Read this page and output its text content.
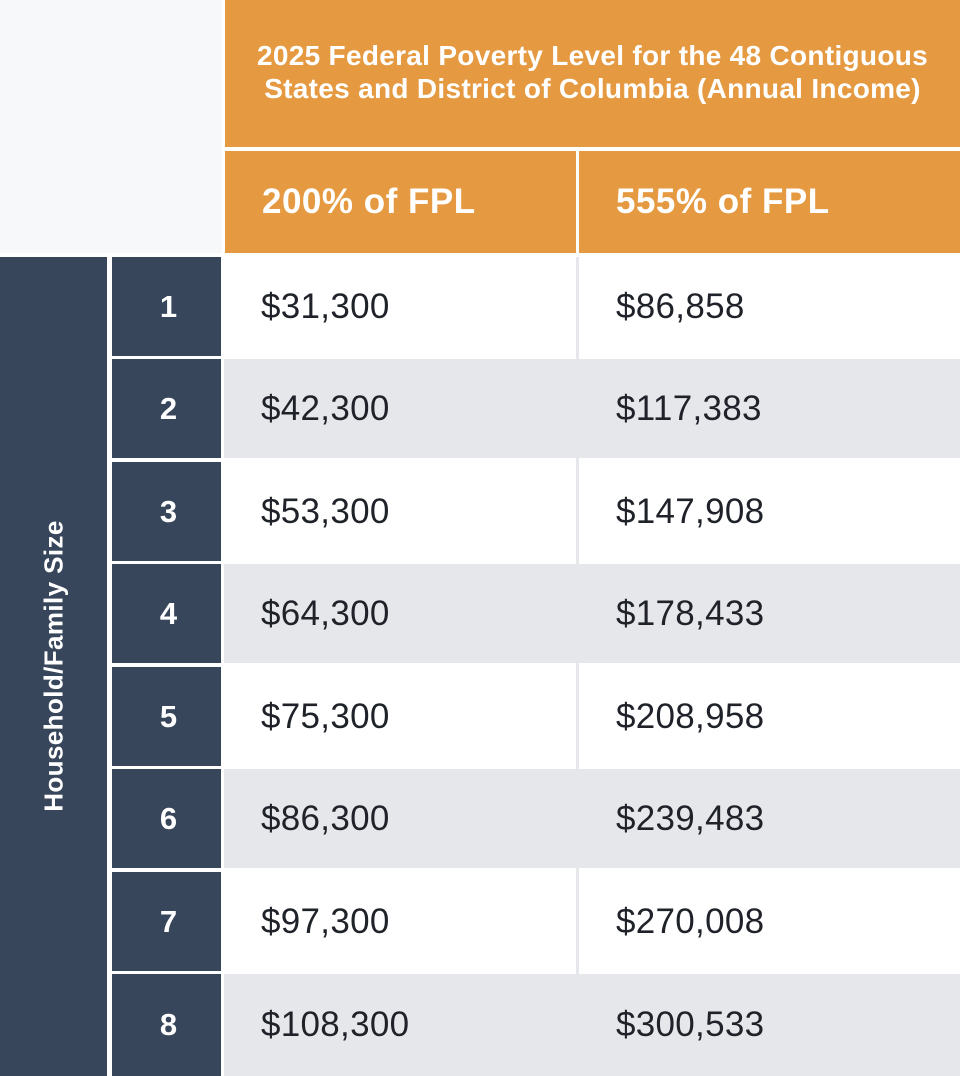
2025 Federal Poverty Level for the 48 Contiguous States and District of Columbia (Annual Income)
200% of FPL	555% of FPL
Household/Family Size
1	$31,300	$86,858
2	$42,300	$117,383
3	$53,300	$147,908
4	$64,300	$178,433
5	$75,300	$208,958
6	$86,300	$239,483
7	$97,300	$270,008
8	$108,300	$300,533
